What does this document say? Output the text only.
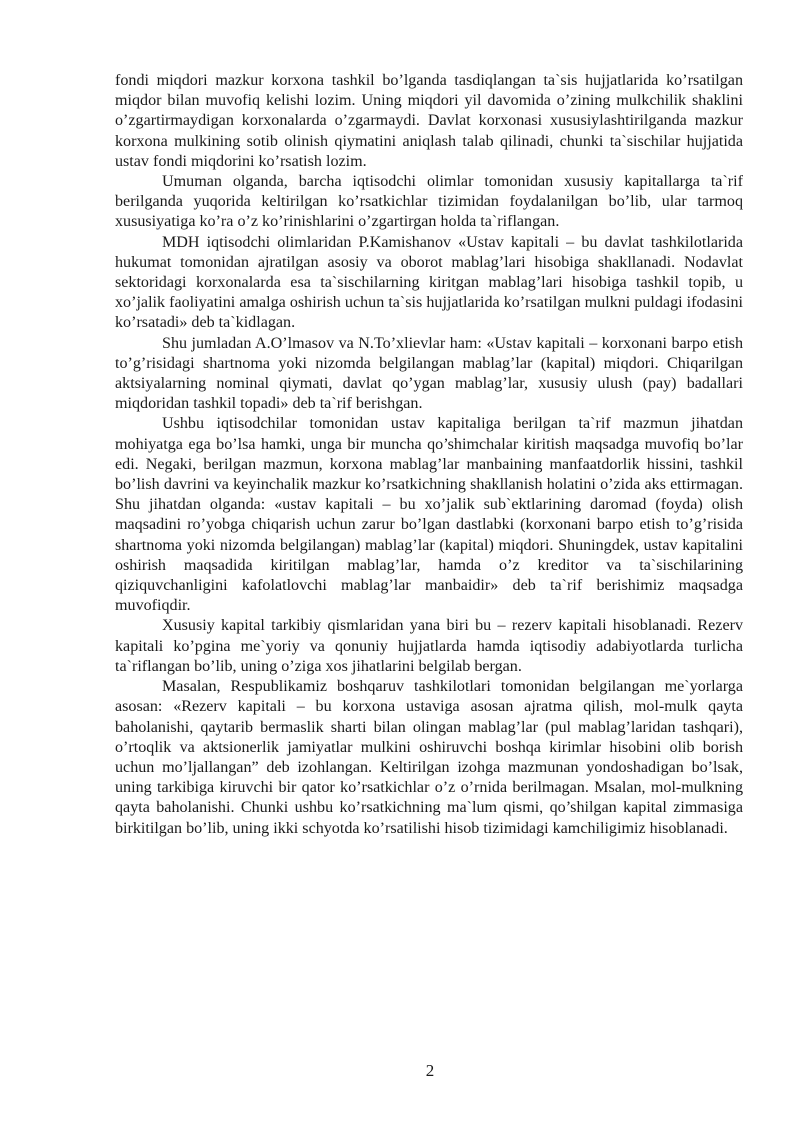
fondi miqdori mazkur korxona tashkil bo’lganda tasdiqlangan ta`sis hujjatlarida ko’rsatilgan miqdor bilan muvofiq kelishi lozim. Uning miqdori yil davomida o’zining mulkchilik shaklini o’zgartirmaydigan korxonalarda o’zgarmaydi. Davlat korxonasi xususiylashtirilganda mazkur korxona mulkining sotib olinish qiymatini aniqlash talab qilinadi, chunki ta`sischilar hujjatida ustav fondi miqdorini ko’rsatish lozim.

Umuman olganda, barcha iqtisodchi olimlar tomonidan xususiy kapitallarga ta`rif berilganda yuqorida keltirilgan ko’rsatkichlar tizimidan foydalanilgan bo’lib, ular tarmoq xususiyatiga ko’ra o’z ko’rinishlarini o’zgartirgan holda ta`riflangan.

MDH iqtisodchi olimlaridan P.Kamishanov «Ustav kapitali – bu davlat tashkilotlarida hukumat tomonidan ajratilgan asosiy va oborot mablag’lari hisobiga shakllanadi. Nodavlat sektoridagi korxonalarda esa ta`sischilarning kiritgan mablag’lari hisobiga tashkil topib, u xo’jalik faoliyatini amalga oshirish uchun ta`sis hujjatlarida ko’rsatilgan mulkni puldagi ifodasini ko’rsatadi» deb ta`kidlagan.

Shu jumladan A.O’lmasov va N.To’xlievlar ham: «Ustav kapitali – korxonani barpo etish to’g’risidagi shartnoma yoki nizomda belgilangan mablag’lar (kapital) miqdori. Chiqarilgan aktsiyalarning nominal qiymati, davlat qo’ygan mablag’lar, xususiy ulush (pay) badallari miqdoridan tashkil topadi» deb ta`rif berishgan.

Ushbu iqtisodchilar tomonidan ustav kapitaliga berilgan ta`rif mazmun jihatdan mohiyatga ega bo’lsa hamki, unga bir muncha qo’shimchalar kiritish maqsadga muvofiq bo’lar edi. Negaki, berilgan mazmun, korxona mablag’lar manbaining manfaatdorlik hissini, tashkil bo’lish davrini va keyinchalik mazkur ko’rsatkichning shakllanish holatini o’zida aks ettirmagan. Shu jihatdan olganda: «ustav kapitali – bu xo’jalik sub`ektlarining daromad (foyda) olish maqsadini ro’yobga chiqarish uchun zarur bo’lgan dastlabki (korxonani barpo etish to’g’risida shartnoma yoki nizomda belgilangan) mablag’lar (kapital) miqdori. Shuningdek, ustav kapitalini oshirish maqsadida kiritilgan mablag’lar, hamda o’z kreditor va ta`sischilarining qiziquvchanligini kafolatlovchi mablag’lar manbaidir» deb ta`rif berishimiz maqsadga muvofiqdir.

Xususiy kapital tarkibiy qismlaridan yana biri bu – rezerv kapitali hisoblanadi. Rezerv kapitali ko’pgina me`yoriy va qonuniy hujjatlarda hamda iqtisodiy adabiyotlarda turlicha ta`riflangan bo’lib, uning o’ziga xos jihatlarini belgilab bergan.

Masalan, Respublikamiz boshqaruv tashkilotlari tomonidan belgilangan me`yorlarga asosan: «Rezerv kapitali – bu korxona ustaviga asosan ajratma qilish, mol-mulk qayta baholanishi, qaytarib bermaslik sharti bilan olingan mablag’lar (pul mablag’laridan tashqari), o’rtoqlik va aktsionerlik jamiyatlar mulkini oshiruvchi boshqa kirimlar hisobini olib borish uchun mo’ljallangan” deb izohlangan. Keltirilgan izohga mazmunan yondoshadigan bo’lsak, uning tarkibiga kiruvchi bir qator ko’rsatkichlar o’z o’rnida berilmagan. Msalan, mol-mulkning qayta baholanishi. Chunki ushbu ko’rsatkichning ma`lum qismi, qo’shilgan kapital zimmasiga birkitilgan bo’lib, uning ikki schyotda ko’rsatilishi hisob tizimidagi kamchiligimiz hisoblanadi.

2
